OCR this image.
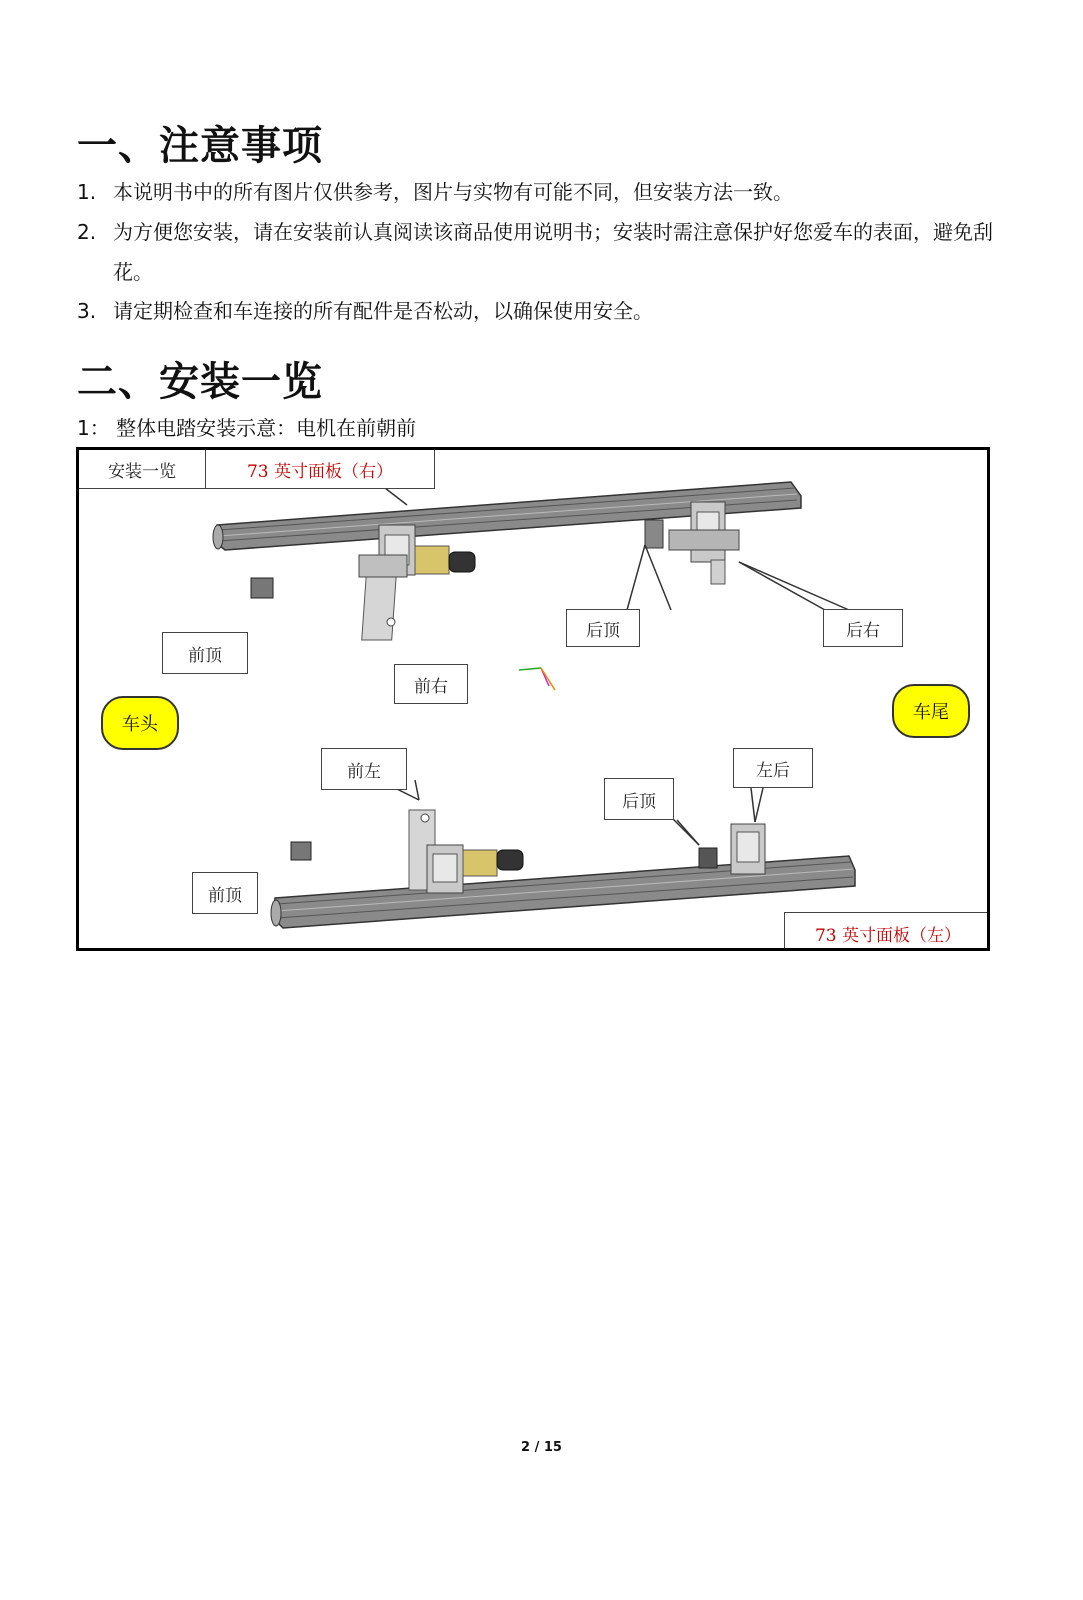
一、注意事项
1. 本说明书中的所有图片仅供参考，图片与实物有可能不同，但安装方法一致。
2. 为方便您安装，请在安装前认真阅读该商品使用说明书；安装时需注意保护好您爱车的表面，避免刮花。
3. 请定期检查和车连接的所有配件是否松动，以确保使用安全。
二、安装一览
1： 整体电踏安装示意：电机在前朝前
安装一览	73 英寸面板（右）
前顶
前右
后顶	后右
前左
后顶
左后
前顶
73 英寸面板（左）
车头
车尾
2 / 15
